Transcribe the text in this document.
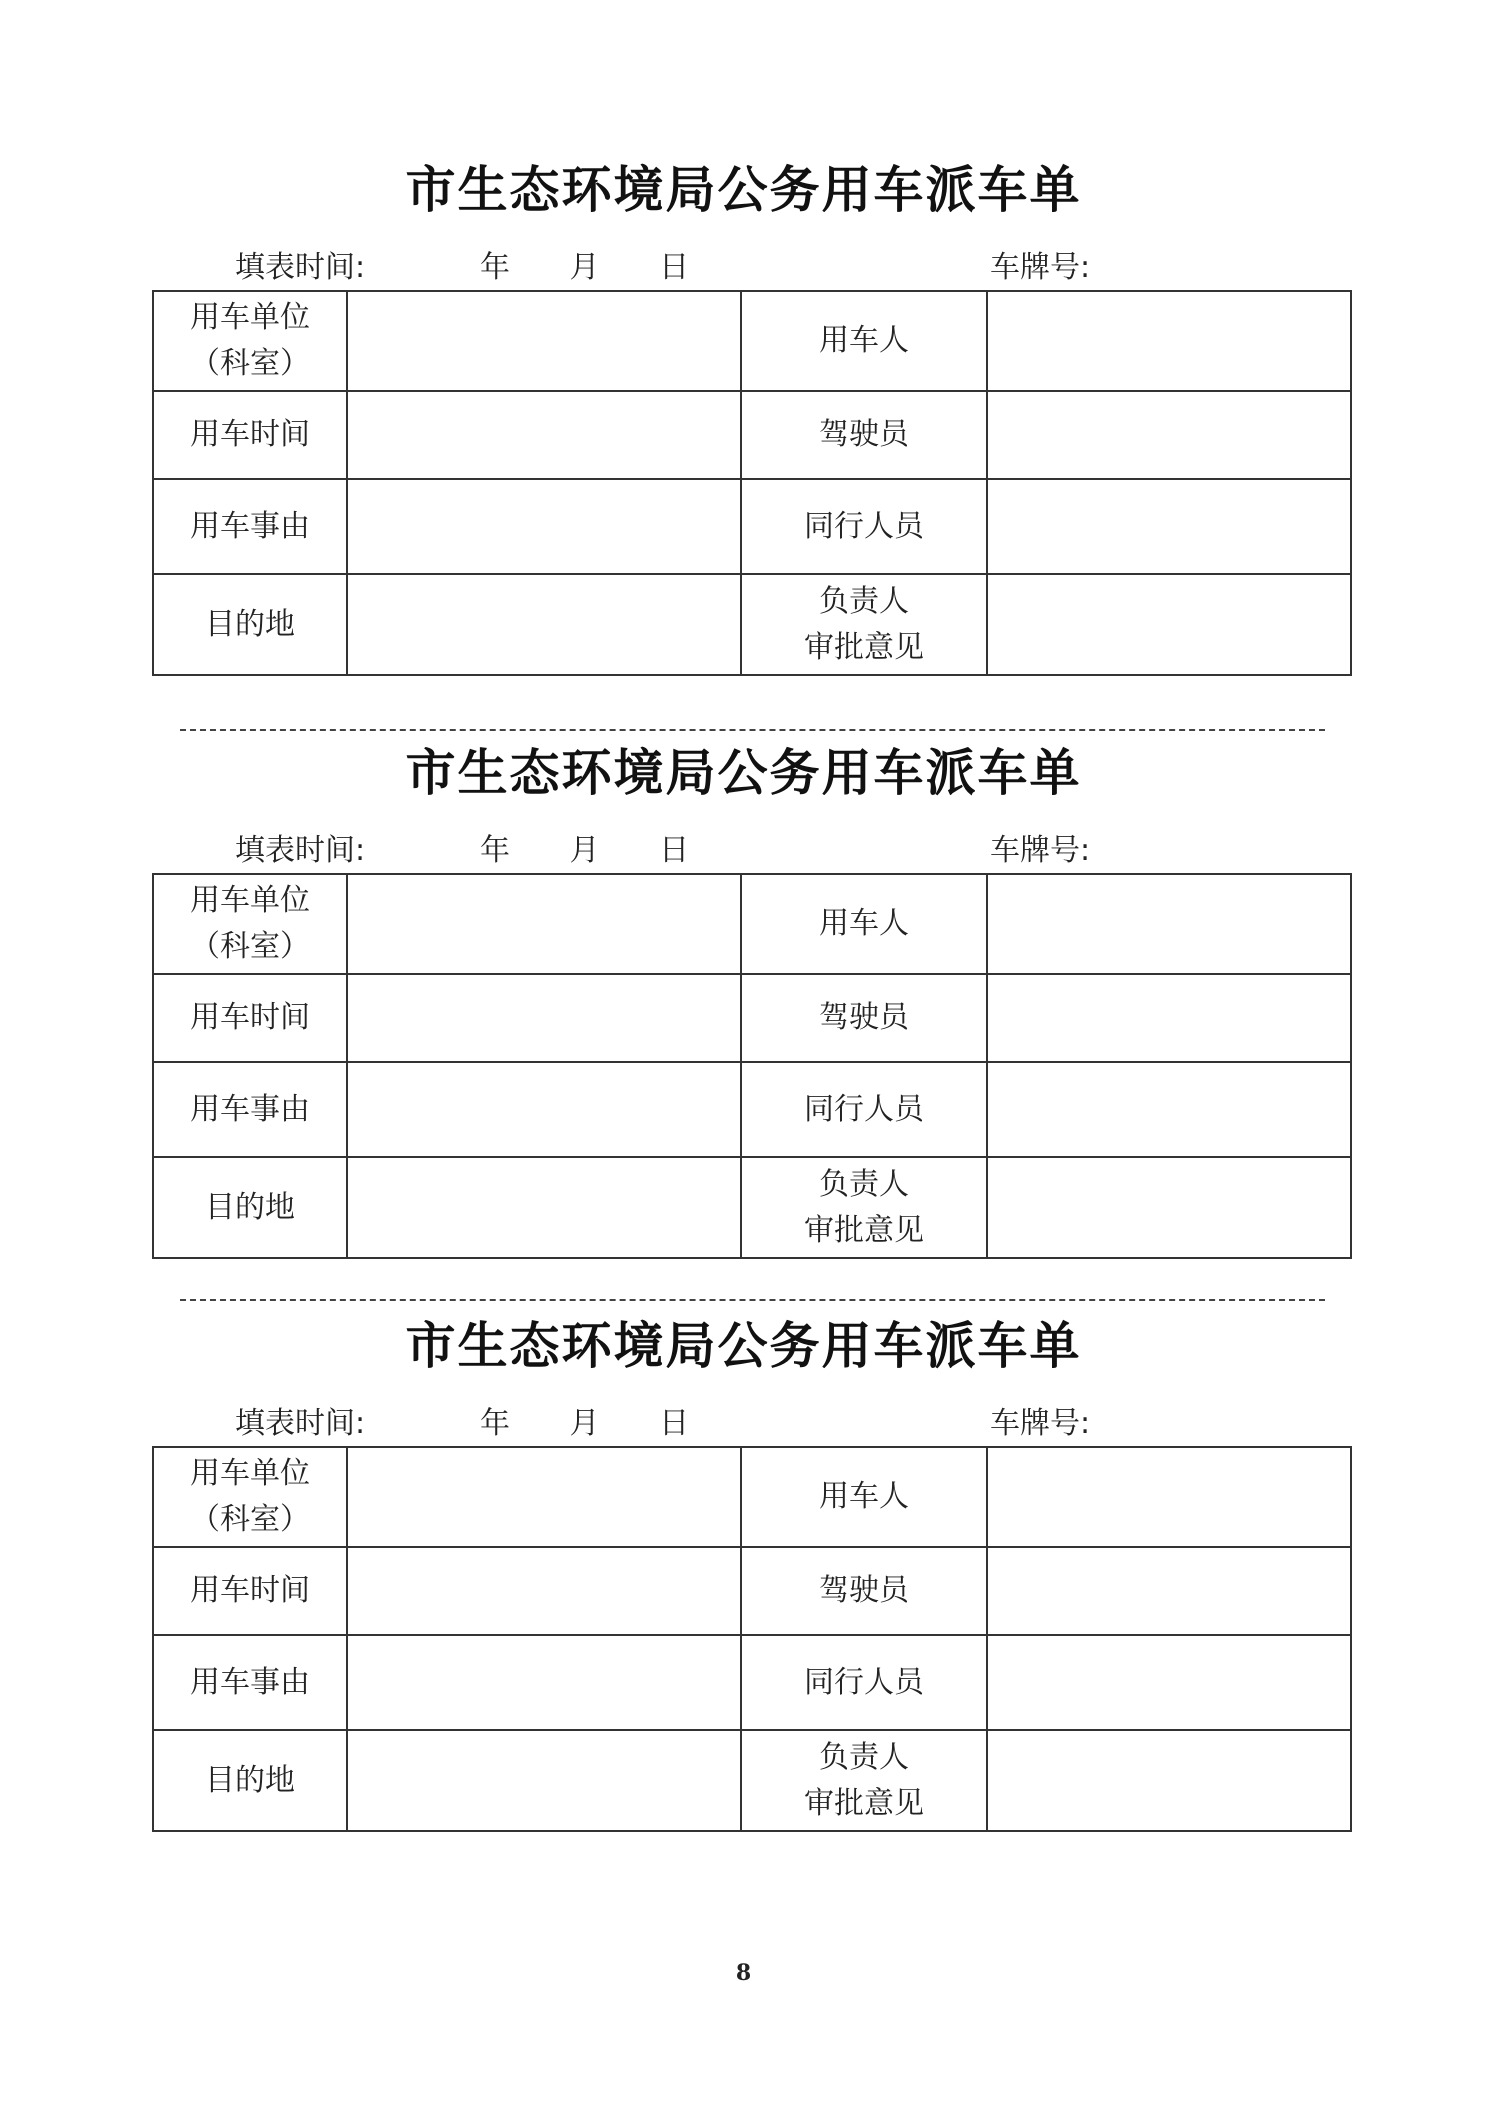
市生态环境局公务用车派车单
填表时间:	年 月 日	车牌号:
用车单位
（科室）		用车人	

用车时间		驾驶员	

用车事由		同行人员	

目的地		负责人
审批意见	

市生态环境局公务用车派车单
填表时间:	年 月 日	车牌号:
用车单位
（科室）		用车人	

用车时间		驾驶员	

用车事由		同行人员	

目的地		负责人
审批意见	

市生态环境局公务用车派车单
填表时间:	年 月 日	车牌号:
用车单位
（科室）		用车人	

用车时间		驾驶员	

用车事由		同行人员	

目的地		负责人
审批意见	

8
